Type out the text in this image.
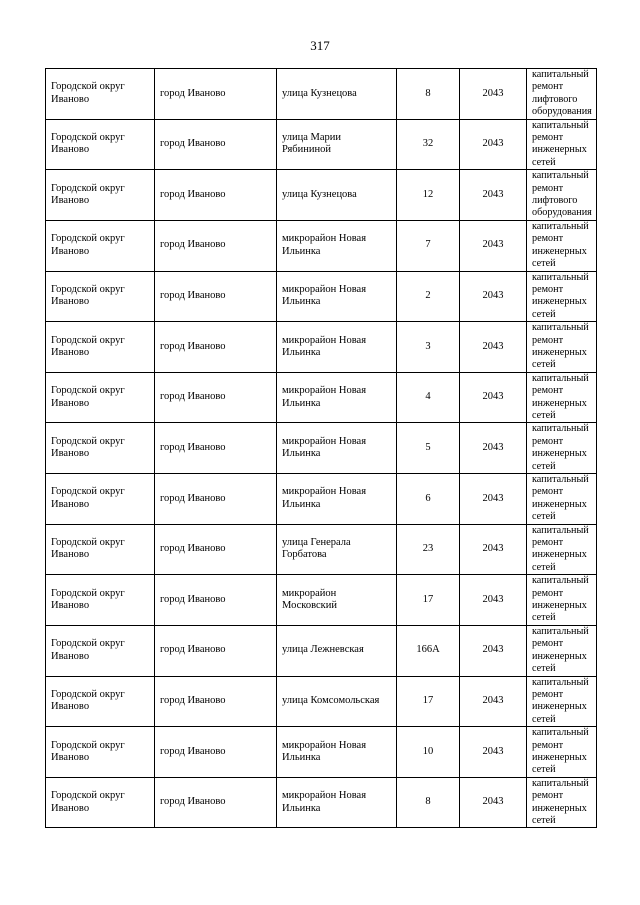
317
Городской округ Иваново	город Иваново	улица Кузнецова	8	2043	капитальный ремонт лифтового оборудования
Городской округ Иваново	город Иваново	улица Марии Рябининой	32	2043	капитальный ремонт инженерных сетей
Городской округ Иваново	город Иваново	улица Кузнецова	12	2043	капитальный ремонт лифтового оборудования
Городской округ Иваново	город Иваново	микрорайон Новая Ильинка	7	2043	капитальный ремонт инженерных сетей
Городской округ Иваново	город Иваново	микрорайон Новая Ильинка	2	2043	капитальный ремонт инженерных сетей
Городской округ Иваново	город Иваново	микрорайон Новая Ильинка	3	2043	капитальный ремонт инженерных сетей
Городской округ Иваново	город Иваново	микрорайон Новая Ильинка	4	2043	капитальный ремонт инженерных сетей
Городской округ Иваново	город Иваново	микрорайон Новая Ильинка	5	2043	капитальный ремонт инженерных сетей
Городской округ Иваново	город Иваново	микрорайон Новая Ильинка	6	2043	капитальный ремонт инженерных сетей
Городской округ Иваново	город Иваново	улица Генерала Горбатова	23	2043	капитальный ремонт инженерных сетей
Городской округ Иваново	город Иваново	микрорайон Московский	17	2043	капитальный ремонт инженерных сетей
Городской округ Иваново	город Иваново	улица Лежневская	166А	2043	капитальный ремонт инженерных сетей
Городской округ Иваново	город Иваново	улица Комсомольская	17	2043	капитальный ремонт инженерных сетей
Городской округ Иваново	город Иваново	микрорайон Новая Ильинка	10	2043	капитальный ремонт инженерных сетей
Городской округ Иваново	город Иваново	микрорайон Новая Ильинка	8	2043	капитальный ремонт инженерных сетей
